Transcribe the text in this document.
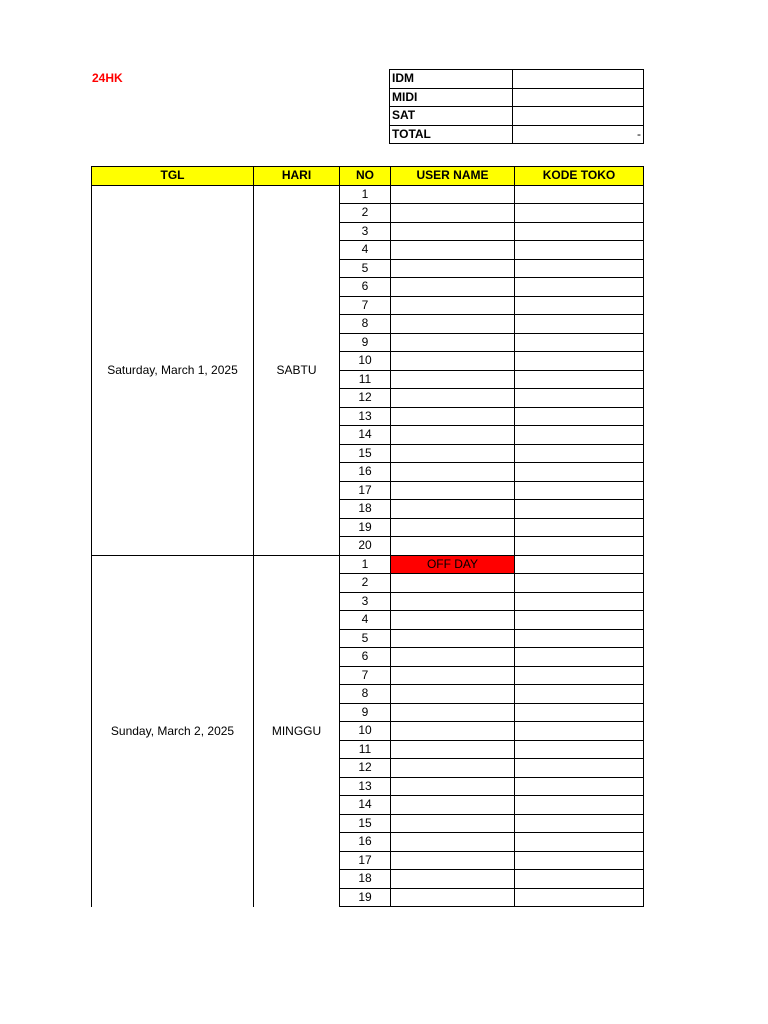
24HK	IDM	
MIDI	
SAT	
TOTAL	-
TGL	HARI	NO	USER NAME	KODE TOKO
Saturday, March 1, 2025	SABTU	1		
		2		
		3		
		4		
		5		
		6		
		7		
		8		
		9		
		10		
		11		
		12		
		13		
		14		
		15		
		16		
		17		
		18		
		19		
		20		
Sunday, March 2, 2025	MINGGU	1	OFF DAY	
		2		
		3		
		4		
		5		
		6		
		7		
		8		
		9		
		10		
		11		
		12		
		13		
		14		
		15		
		16		
		17		
		18		
		19		
